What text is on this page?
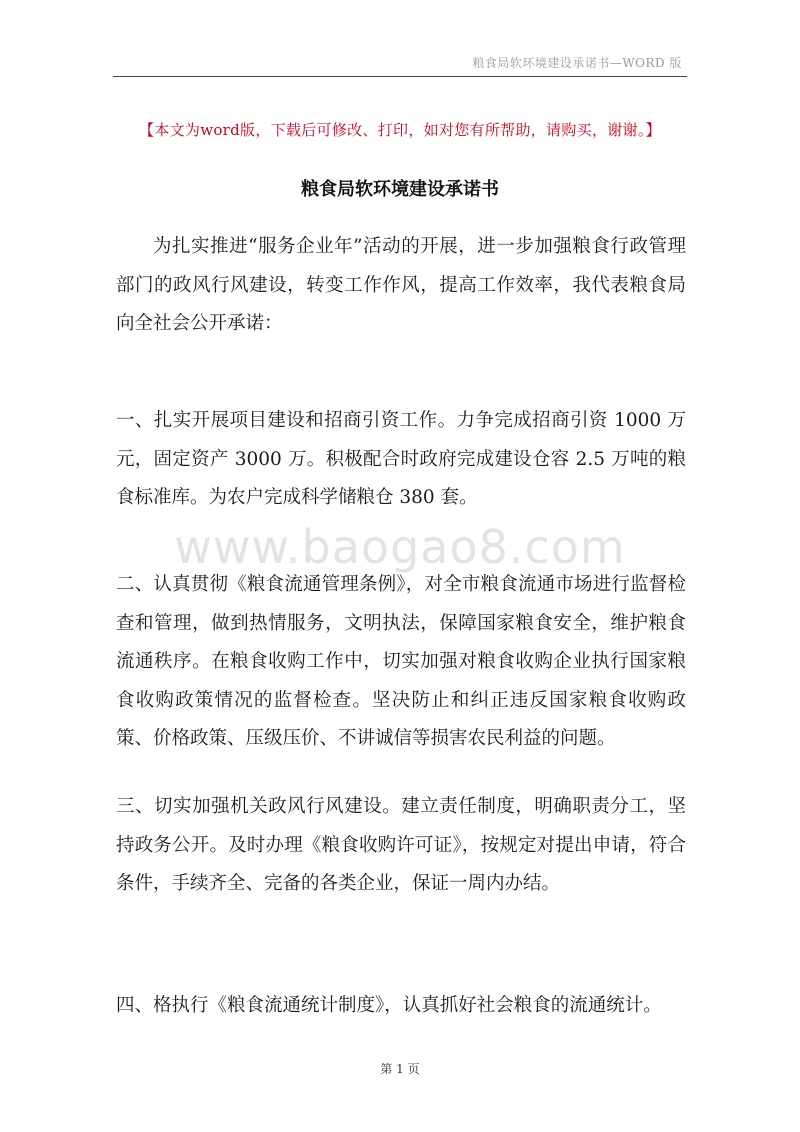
粮食局软环境建设承诺书—WORD 版
【本文为word版，下载后可修改、打印，如对您有所帮助，请购买，谢谢。】
粮食局软环境建设承诺书

为扎实推进“服务企业年”活动的开展，进一步加强粮食行政管理部门的政风行风建设，转变工作作风，提高工作效率，我代表粮食局向全社会公开承诺：

一、扎实开展项目建设和招商引资工作。力争完成招商引资 1000 万元，固定资产 3000 万。积极配合时政府完成建设仓容 2.5 万吨的粮食标准库。为农户完成科学储粮仓 380 套。

www.baogao8.com

二、认真贯彻《粮食流通管理条例》，对全市粮食流通市场进行监督检查和管理，做到热情服务，文明执法，保障国家粮食安全，维护粮食流通秩序。在粮食收购工作中，切实加强对粮食收购企业执行国家粮食收购政策情况的监督检查。坚决防止和纠正违反国家粮食收购政策、价格政策、压级压价、不讲诚信等损害农民利益的问题。

三、切实加强机关政风行风建设。建立责任制度，明确职责分工，坚持政务公开。及时办理《粮食收购许可证》，按规定对提出申请，符合条件，手续齐全、完备的各类企业，保证一周内办结。

四、格执行《粮食流通统计制度》，认真抓好社会粮食的流通统计。

第 1 页
